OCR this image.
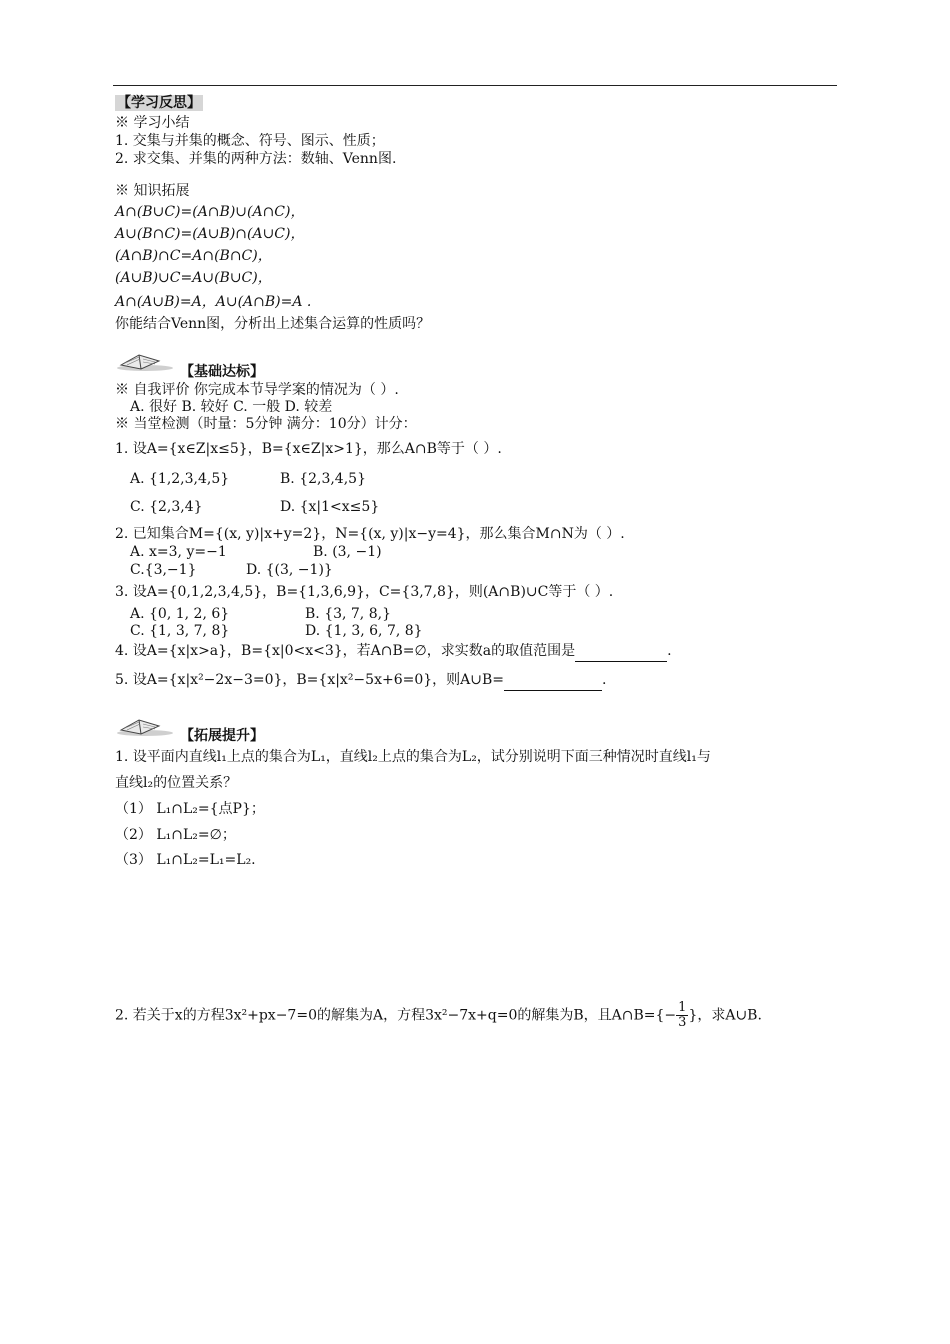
【学习反思】
※ 学习小结
1. 交集与并集的概念、符号、图示、性质；
2. 求交集、并集的两种方法：数轴、Venn图.
※ 知识拓展
A∩(B∪C)=(A∩B)∪(A∩C)，
A∪(B∩C)=(A∪B)∩(A∪C)，
(A∩B)∩C=A∩(B∩C)，
(A∪B)∪C=A∪(B∪C)，
A∩(A∪B)=A，A∪(A∩B)=A .
你能结合Venn图，分析出上述集合运算的性质吗？
【基础达标】
※ 自我评价 你完成本节导学案的情况为（ ）.
A. 很好 B. 较好 C. 一般 D. 较差
※ 当堂检测（时量：5分钟 满分：10分）计分：
1. 设A={x∈Z|x≤5}，B={x∈Z|x>1}，那么A∩B等于（ ）.
A. {1,2,3,4,5}	B. {2,3,4,5}
C. {2,3,4}	D. {x|1<x≤5}
2. 已知集合M={(x, y)|x+y=2}，N={(x, y)|x−y=4}，那么集合M∩N为（ ）.
A. x=3, y=−1	B. (3, −1)
C.{3,−1}	D. {(3, −1)}
3. 设A={0,1,2,3,4,5}，B={1,3,6,9}，C={3,7,8}，则(A∩B)∪C等于（ ）.
A. {0, 1, 2, 6}	B. {3, 7, 8,}
C. {1, 3, 7, 8}	D. {1, 3, 6, 7, 8}
4. 设A={x|x>a}，B={x|0<x<3}，若A∩B=∅，求实数a的取值范围是	.
5. 设A={x|x²−2x−3=0}，B={x|x²−5x+6=0}，则A∪B=	.
【拓展提升】
1. 设平面内直线l₁上点的集合为L₁，直线l₂上点的集合为L₂，试分别说明下面三种情况时直线l₁与
直线l₂的位置关系？
（1） L₁∩L₂={点P}；
（2） L₁∩L₂=∅；
（3） L₁∩L₂=L₁=L₂.
2. 若关于x的方程3x²+px−7=0的解集为A，方程3x²−7x+q=0的解集为B，且A∩B={− $\frac{1}{3}$ }，求A∪B.
